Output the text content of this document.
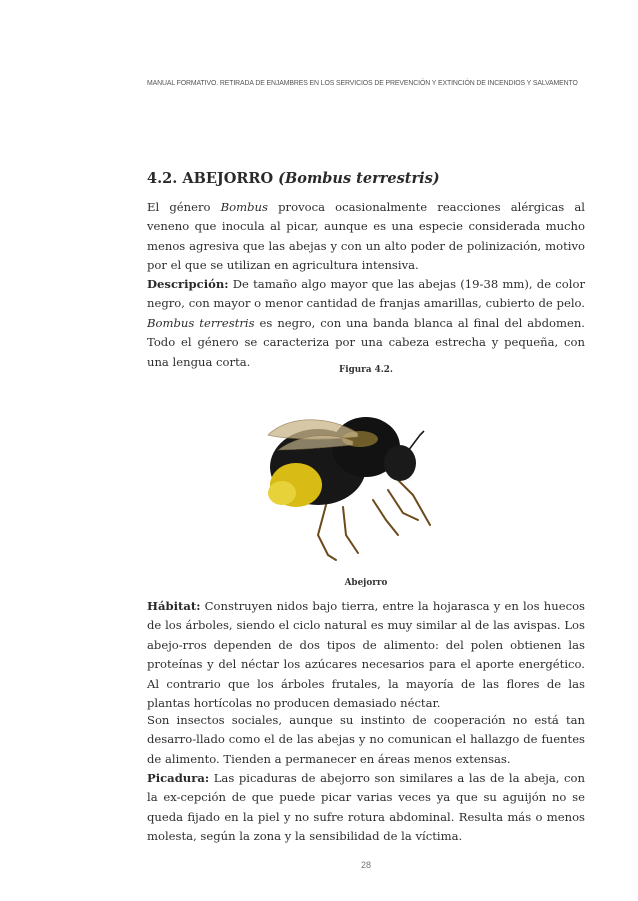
MANUAL FORMATIVO. RETIRADA DE ENJAMBRES EN LOS SERVICIOS DE PREVENCIÓN Y EXTINCIÓN DE INCENDIOS Y SALVAMENTO
4.2. ABEJORRO (Bombus terrestris)

El género Bombus provoca ocasionalmente reacciones alérgicas al veneno que inocula al picar, aunque es una especie considerada mucho menos agresiva que las abejas y con un alto poder de polinización, motivo por el que se utilizan en agricultura intensiva.

Descripción: De tamaño algo mayor que las abejas (19-38 mm), de color negro, con mayor o menor cantidad de franjas amarillas, cubierto de pelo. Bombus terrestris es negro, con una banda blanca al final del abdomen. Todo el género se caracteriza por una cabeza estrecha y pequeña, con una lengua corta.

Figura 4.2.
Abejorro

Hábitat: Construyen nidos bajo tierra, entre la hojarasca y en los huecos de los árboles, siendo el ciclo natural es muy similar al de las avispas. Los abejo-rros dependen de dos tipos de alimento: del polen obtienen las proteínas y del néctar los azúcares necesarios para el aporte energético. Al contrario que los árboles frutales, la mayoría de las flores de las plantas hortícolas no producen demasiado néctar.

Son insectos sociales, aunque su instinto de cooperación no está tan desarro-llado como el de las abejas y no comunican el hallazgo de fuentes de alimento. Tienden a permanecer en áreas menos extensas.

Picadura: Las picaduras de abejorro son similares a las de la abeja, con la ex-cepción de que puede picar varias veces ya que su aguijón no se queda fijado en la piel y no sufre rotura abdominal. Resulta más o menos molesta, según la zona y la sensibilidad de la víctima.

28
